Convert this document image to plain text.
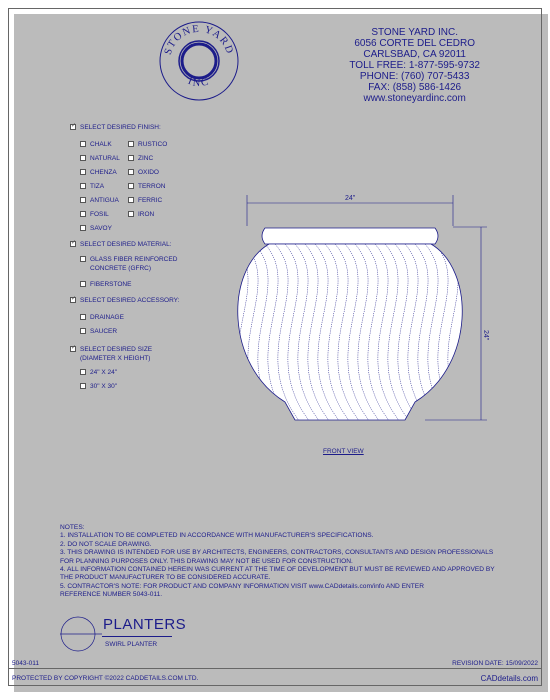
STONE YARD
INC
STONE YARD INC.
6056 CORTE DEL CEDRO
CARLSBAD, CA 92011
TOLL FREE: 1-877-595-9732
PHONE: (760) 707-5433
FAX: (858) 586-1426
www.stoneyardinc.com
✓
SELECT DESIRED FINISH:
CHALK
NATURAL
CHENZA
TIZA
ANTIGUA
FOSIL
SAVOY
RUSTICO
ZINC
OXIDO
TERRON
FERRIC
IRON
✓
SELECT DESIRED MATERIAL:
GLASS FIBER REINFORCED
CONCRETE (GFRC)
FIBERSTONE
✓
SELECT DESIRED ACCESSORY:
DRAINAGE
SAUCER
✓
SELECT DESIRED SIZE
(DIAMETER X HEIGHT)
24" X 24"
30" X 30"
24"
24"
FRONT VIEW
NOTES:
1. INSTALLATION TO BE COMPLETED IN ACCORDANCE WITH MANUFACTURER'S SPECIFICATIONS.
2. DO NOT SCALE DRAWING.
3. THIS DRAWING IS INTENDED FOR USE BY ARCHITECTS, ENGINEERS, CONTRACTORS, CONSULTANTS AND DESIGN PROFESSIONALS
FOR PLANNING PURPOSES ONLY. THIS DRAWING MAY NOT BE USED FOR CONSTRUCTION.
4. ALL INFORMATION CONTAINED HEREIN WAS CURRENT AT THE TIME OF DEVELOPMENT BUT MUST BE REVIEWED AND APPROVED BY
THE PRODUCT MANUFACTURER TO BE CONSIDERED ACCURATE.
5. CONTRACTOR'S NOTE: FOR PRODUCT AND COMPANY INFORMATION VISIT www.CADdetails.com/info AND ENTER
REFERENCE NUMBER 5043-011.
PLANTERS
SWIRL PLANTER
5043-011	REVISION DATE: 15/09/2022
PROTECTED BY COPYRIGHT ©2022 CADDETAILS.COM LTD.	CADdetails.com
